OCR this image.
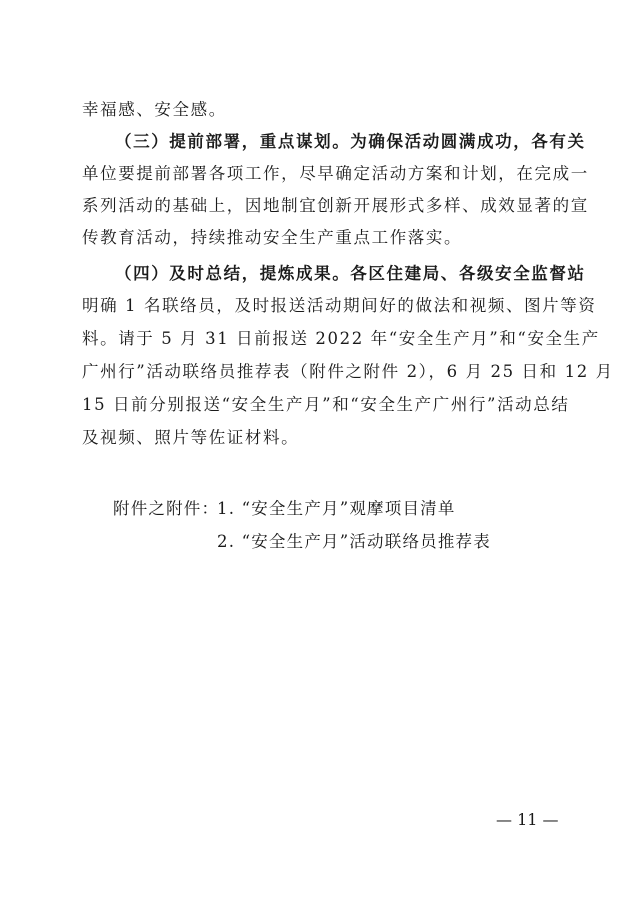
幸福感、安全感。
（三）提前部署，重点谋划。为确保活动圆满成功，各有关
单位要提前部署各项工作，尽早确定活动方案和计划，在完成一
系列活动的基础上，因地制宜创新开展形式多样、成效显著的宣
传教育活动，持续推动安全生产重点工作落实。
（四）及时总结，提炼成果。各区住建局、各级安全监督站
明确 1 名联络员，及时报送活动期间好的做法和视频、图片等资
料。请于 5 月 31 日前报送 2022 年“安全生产月”和“安全生产
广州行”活动联络员推荐表（附件之附件 2），6 月 25 日和 12 月
15 日前分别报送“安全生产月”和“安全生产广州行”活动总结
及视频、照片等佐证材料。
附件之附件：
1. “安全生产月”观摩项目清单
2. “安全生产月”活动联络员推荐表
— 11 —
